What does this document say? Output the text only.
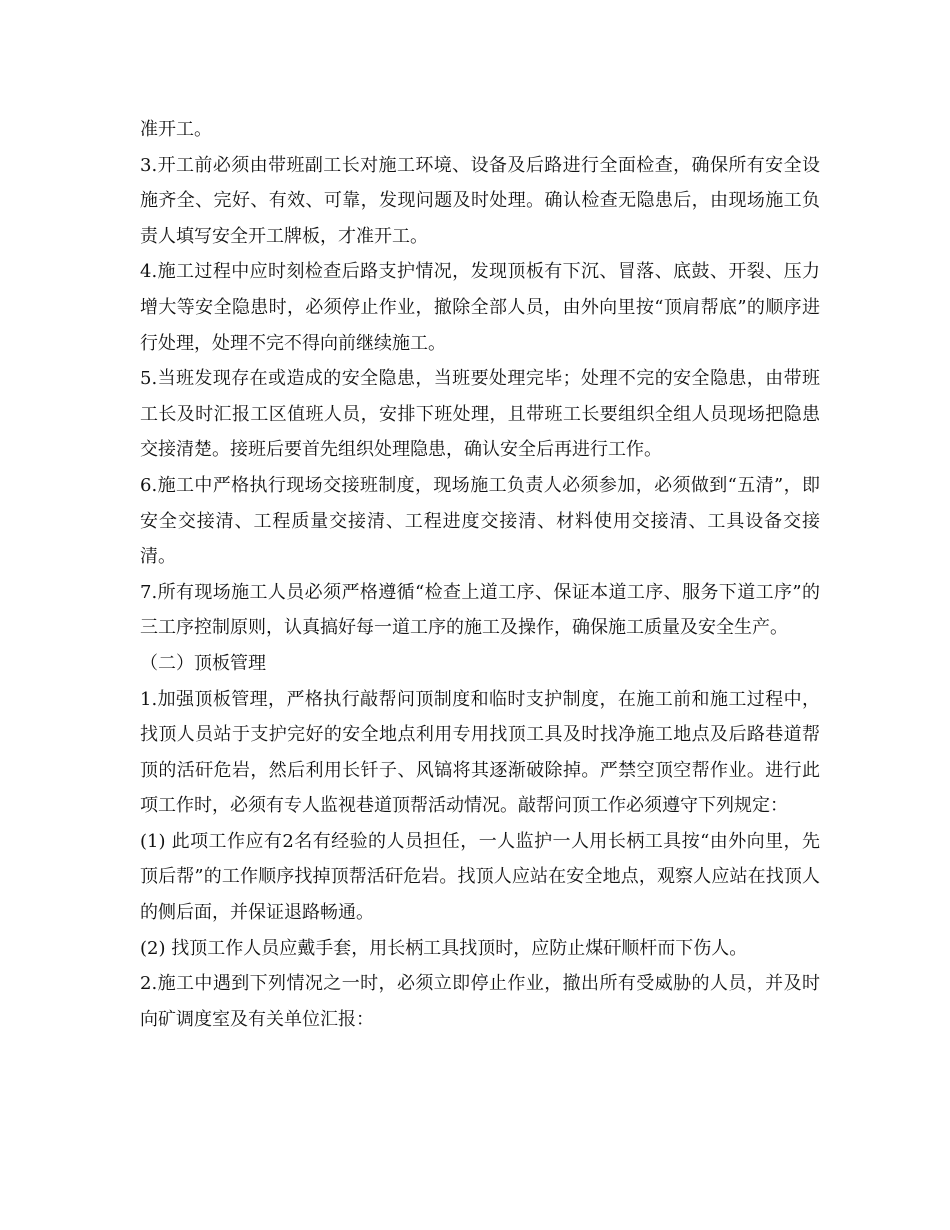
准开工。

3.开工前必须由带班副工长对施工环境、设备及后路进行全面检查，确保所有安全设施齐全、完好、有效、可靠，发现问题及时处理。确认检查无隐患后，由现场施工负责人填写安全开工牌板，才准开工。

4.施工过程中应时刻检查后路支护情况，发现顶板有下沉、冒落、底鼓、开裂、压力增大等安全隐患时，必须停止作业，撤除全部人员，由外向里按“顶肩帮底”的顺序进行处理，处理不完不得向前继续施工。

5.当班发现存在或造成的安全隐患，当班要处理完毕；处理不完的安全隐患，由带班工长及时汇报工区值班人员，安排下班处理，且带班工长要组织全组人员现场把隐患交接清楚。接班后要首先组织处理隐患，确认安全后再进行工作。

6.施工中严格执行现场交接班制度，现场施工负责人必须参加，必须做到“五清”，即安全交接清、工程质量交接清、工程进度交接清、材料使用交接清、工具设备交接清。

7.所有现场施工人员必须严格遵循“检查上道工序、保证本道工序、服务下道工序”的三工序控制原则，认真搞好每一道工序的施工及操作，确保施工质量及安全生产。

（二）顶板管理

1.加强顶板管理，严格执行敲帮问顶制度和临时支护制度，在施工前和施工过程中，找顶人员站于支护完好的安全地点利用专用找顶工具及时找净施工地点及后路巷道帮顶的活矸危岩，然后利用长钎子、风镐将其逐渐破除掉。严禁空顶空帮作业。进行此项工作时，必须有专人监视巷道顶帮活动情况。敲帮问顶工作必须遵守下列规定：

(1) 此项工作应有2名有经验的人员担任，一人监护一人用长柄工具按“由外向里，先顶后帮”的工作顺序找掉顶帮活矸危岩。找顶人应站在安全地点，观察人应站在找顶人的侧后面，并保证退路畅通。

(2) 找顶工作人员应戴手套，用长柄工具找顶时，应防止煤矸顺杆而下伤人。

2.施工中遇到下列情况之一时，必须立即停止作业，撤出所有受威胁的人员，并及时向矿调度室及有关单位汇报：
